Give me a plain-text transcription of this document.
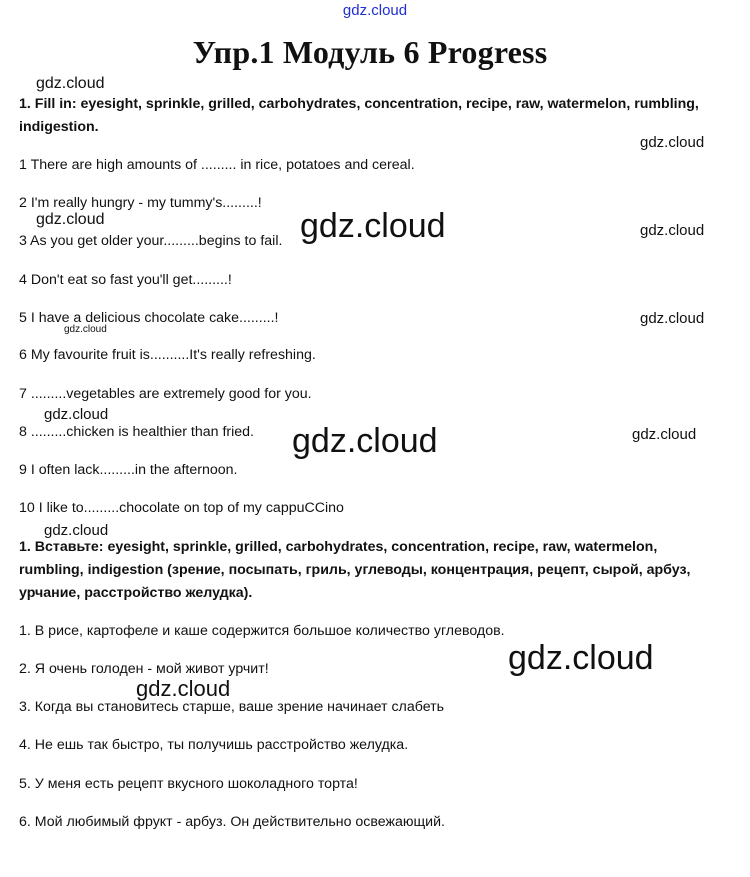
gdz.cloud
Упр.1 Модуль 6 Progress
1. Fill in: eyesight, sprinkle, grilled, carbohydrates, concentration, recipe, raw, watermelon, rumbling, indigestion.
1 There are high amounts of ......... in rice, potatoes and cereal.
2 I'm really hungry - my tummy's.........!
3 As you get older your.........begins to fail.
4 Don't eat so fast you'll get.........!
5 I have a delicious chocolate cake.........!
6 My favourite fruit is..........It's really refreshing.
7 .........vegetables are extremely good for you.
8 .........chicken is healthier than fried.
9 I often lack.........in the afternoon.
10 I like to.........chocolate on top of my cappuCCino
1. Вставьте: eyesight, sprinkle, grilled, carbohydrates, concentration, recipe, raw, watermelon, rumbling, indigestion (зрение, посыпать, гриль, углеводы, концентрация, рецепт, сырой, арбуз, урчание, расстройство желудка).
1. В рисе, картофеле и каше содержится большое количество углеводов.
2. Я очень голоден - мой живот урчит!
3. Когда вы становитесь старше, ваше зрение начинает слабеть
4. Не ешь так быстро, ты получишь расстройство желудка.
5. У меня есть рецепт вкусного шоколадного торта!
6. Мой любимый фрукт - арбуз. Он действительно освежающий.
gdz.cloud
gdz.cloud
gdz.cloud	gdz.cloud	gdz.cloud
gdz.cloud
gdz.cloud
gdz.cloud
gdz.cloud	gdz.cloud
gdz.cloud
gdz.cloud
gdz.cloud
